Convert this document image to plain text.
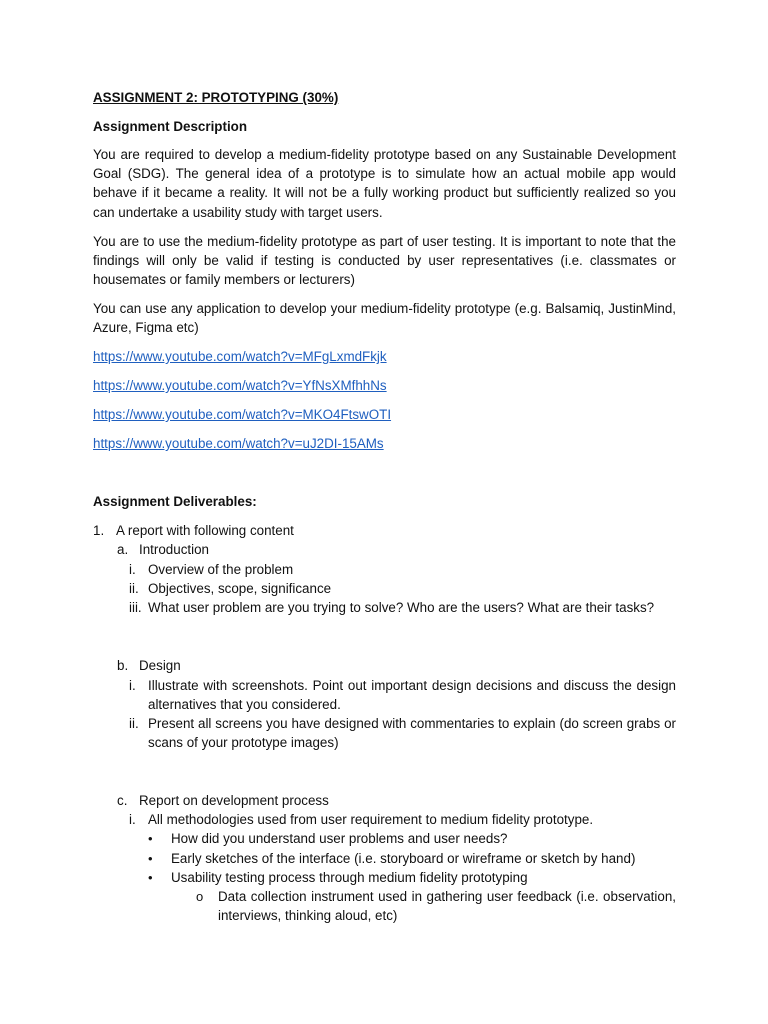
ASSIGNMENT 2: PROTOTYPING (30%)
Assignment Description
You are required to develop a medium-fidelity prototype based on any Sustainable Development Goal (SDG). The general idea of a prototype is to simulate how an actual mobile app would behave if it became a reality. It will not be a fully working product but sufficiently realized so you can undertake a usability study with target users.
You are to use the medium-fidelity prototype as part of user testing. It is important to note that the findings will only be valid if testing is conducted by user representatives (i.e. classmates or housemates or family members or lecturers)
You can use any application to develop your medium-fidelity prototype (e.g. Balsamiq, JustinMind, Azure, Figma etc)
https://www.youtube.com/watch?v=MFgLxmdFkjk
https://www.youtube.com/watch?v=YfNsXMfhhNs
https://www.youtube.com/watch?v=MKO4FtswOTI
https://www.youtube.com/watch?v=uJ2DI-15AMs
Assignment Deliverables:
1. A report with following content
a. Introduction
i. Overview of the problem
ii. Objectives, scope, significance
iii. What user problem are you trying to solve? Who are the users? What are their tasks?
b. Design
i. Illustrate with screenshots. Point out important design decisions and discuss the design alternatives that you considered.
ii. Present all screens you have designed with commentaries to explain (do screen grabs or scans of your prototype images)
c. Report on development process
i. All methodologies used from user requirement to medium fidelity prototype.
• How did you understand user problems and user needs?
• Early sketches of the interface (i.e. storyboard or wireframe or sketch by hand)
• Usability testing process through medium fidelity prototyping
o Data collection instrument used in gathering user feedback (i.e. observation, interviews, thinking aloud, etc)
